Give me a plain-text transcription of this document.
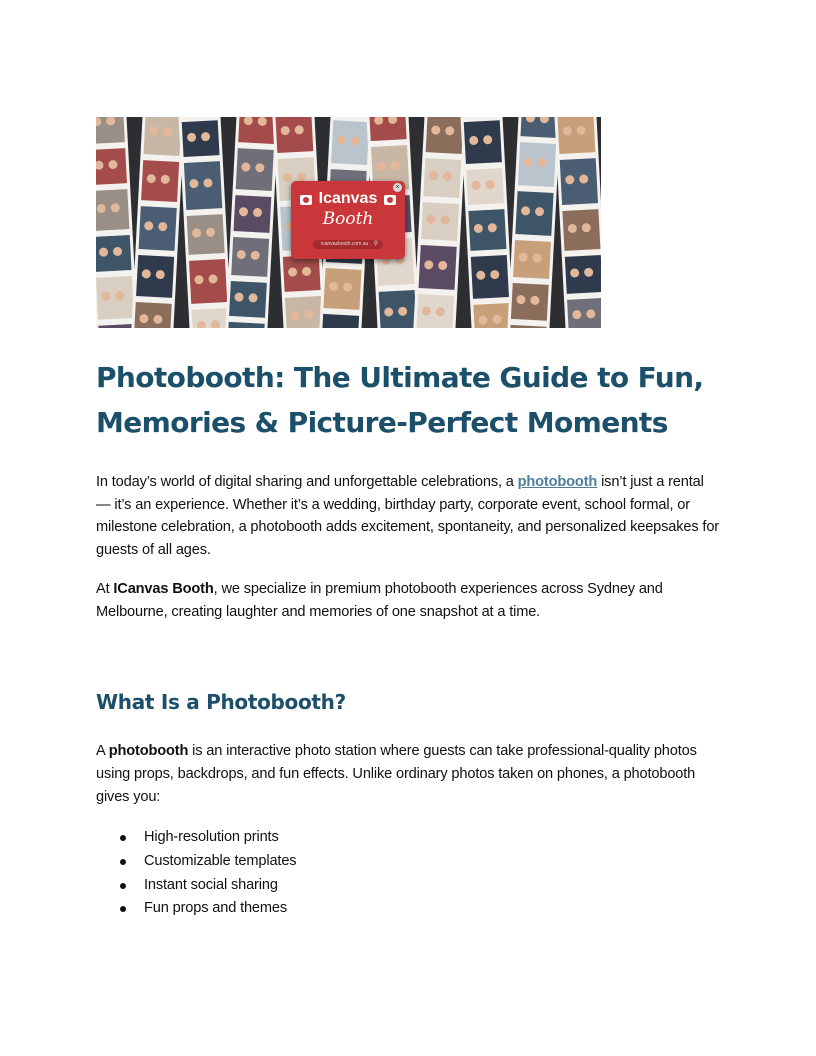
×
Icanvas
Booth
icanvasbooth.com.au ⚲
Photobooth: The Ultimate Guide to Fun,
Memories & Picture-Perfect Moments

In today’s world of digital sharing and unforgettable celebrations, a photobooth isn’t just a rental — it’s an experience. Whether it’s a wedding, birthday party, corporate event, school formal, or milestone celebration, a photobooth adds excitement, spontaneity, and personalized keepsakes for guests of all ages.

At ICanvas Booth, we specialize in premium photobooth experiences across Sydney and Melbourne, creating laughter and memories of one snapshot at a time.

What Is a Photobooth?

A photobooth is an interactive photo station where guests can take professional-quality photos using props, backdrops, and fun effects. Unlike ordinary photos taken on phones, a photobooth gives you:

High-resolution prints
Customizable templates
Instant social sharing
Fun props and themes
